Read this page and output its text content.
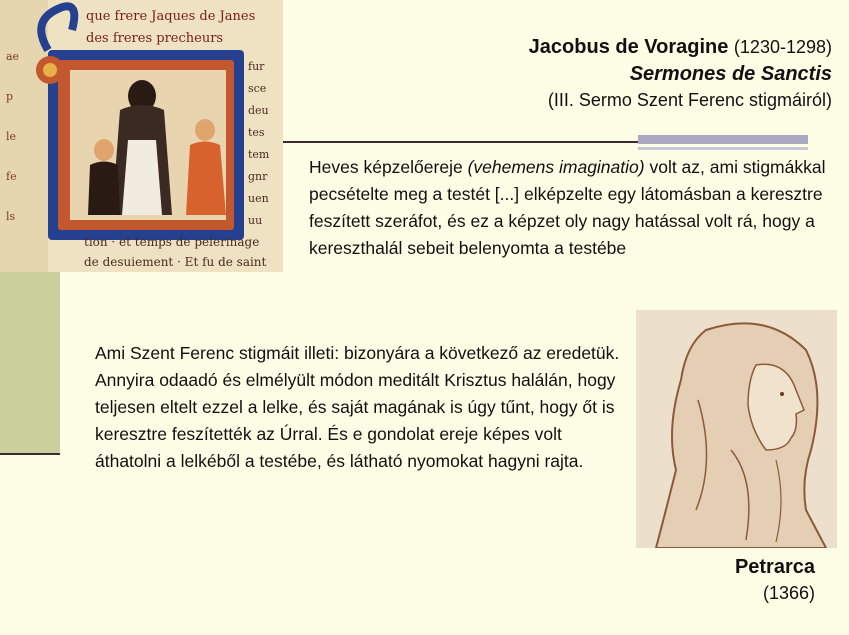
ae
p
le
fe
ls
que frere Jaques de Janes
des freres precheurs
fur
sce
deu
tes
tem
gnr
uen
uu
tion · et temps de pelerinage
de desuiement · Et fu de saint
Jacobus de Voragine (1230-1298)
Sermones de Sanctis
(III. Sermo Szent Ferenc stigmáiról)
Heves képzelőereje (vehemens imaginatio) volt az, ami stigmákkal pecsételte meg a testét [...] elképzelte egy látomásban a keresztre feszített szeráfot, és ez a képzet oly nagy hatással volt rá, hogy a kereszthalál sebeit belenyomta a testébe
Ami Szent Ferenc stigmáit illeti: bizonyára a következő az eredetük. Annyira odaadó és elmélyült módon meditált Krisztus halálán, hogy teljesen eltelt ezzel a lelke, és saját magának is úgy tűnt, hogy őt is keresztre feszítették az Úrral. És e gondolat ereje képes volt áthatolni a lelkéből a testébe, és látható nyomokat hagyni rajta.
Petrarca
(1366)
